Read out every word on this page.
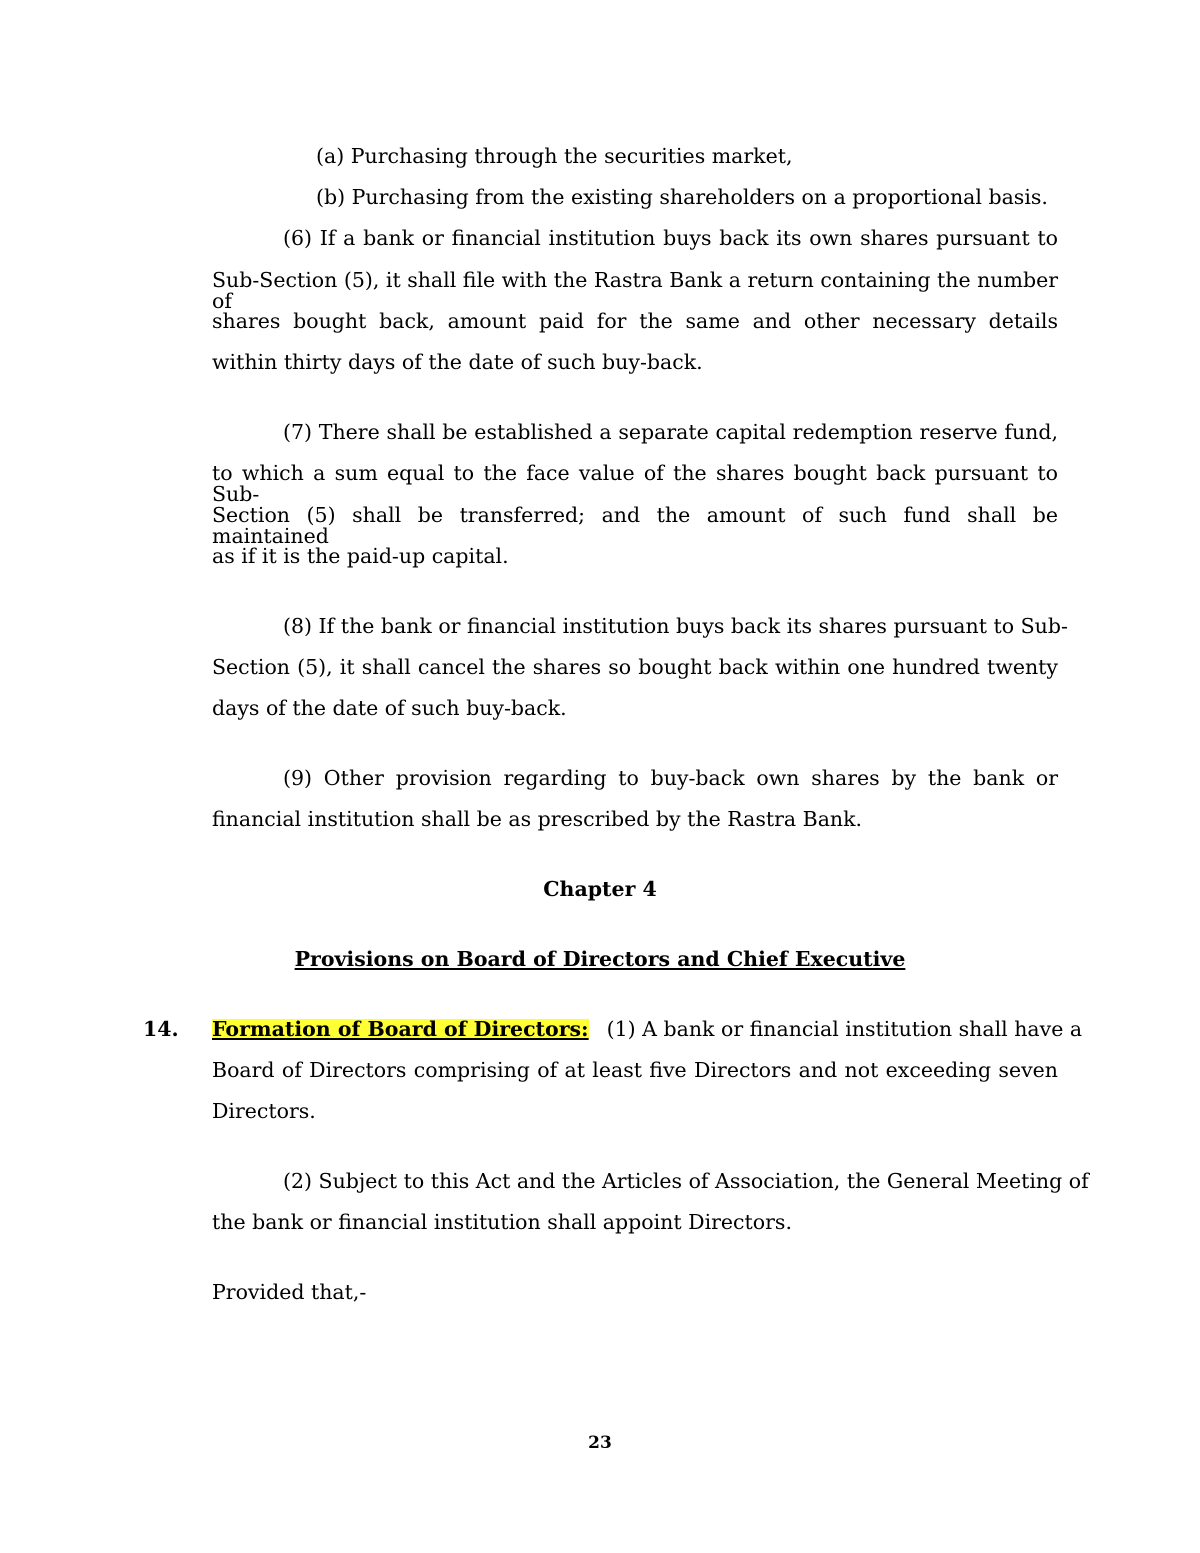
(a) Purchasing through the securities market,
(b) Purchasing from the existing shareholders on a proportional basis.
(6) If a bank or financial institution buys back its own shares pursuant to
Sub-Section (5), it shall file with the Rastra Bank a return containing the number of
shares bought back, amount paid for the same and other necessary details
within thirty days of the date of such buy-back.
(7) There shall be established a separate capital redemption reserve fund,
to which a sum equal to the face value of the shares bought back pursuant to Sub-
Section (5) shall be transferred; and the amount of such fund shall be maintained
as if it is the paid-up capital.
(8) If the bank or financial institution buys back its shares pursuant to Sub-
Section (5), it shall cancel the shares so bought back within one hundred twenty
days of the date of such buy-back.
(9) Other provision regarding to buy-back own shares by the bank or
financial institution shall be as prescribed by the Rastra Bank.
Chapter 4
Provisions on Board of Directors and Chief Executive
14. Formation of Board of Directors: (1) A bank or financial institution shall have a
Board of Directors comprising of at least five Directors and not exceeding seven
Directors.
(2) Subject to this Act and the Articles of Association, the General Meeting of
the bank or financial institution shall appoint Directors.
Provided that,-
23
